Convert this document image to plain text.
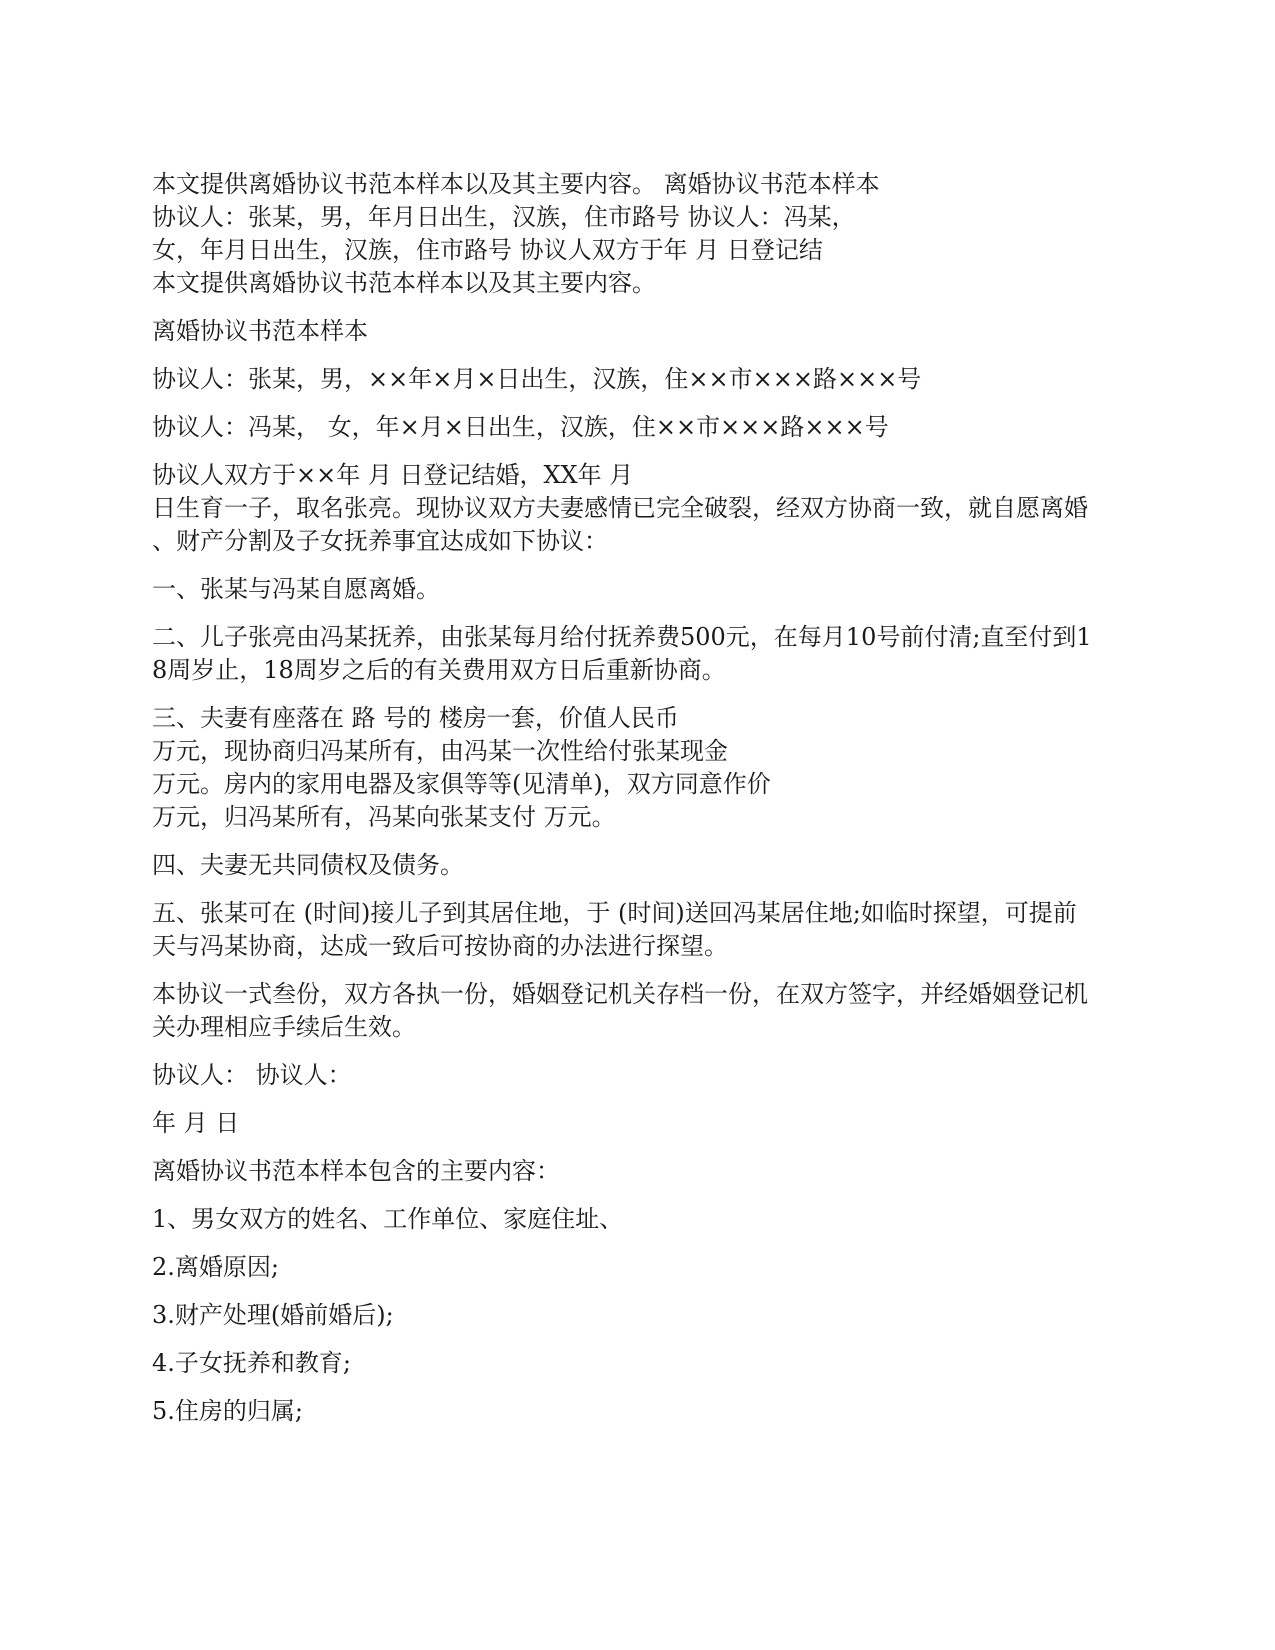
本文提供离婚协议书范本样本以及其主要内容。 离婚协议书范本样本
协议人：张某，男，年月日出生，汉族，住市路号 协议人：冯某，
女，年月日出生，汉族，住市路号 协议人双方于年 月 日登记结
本文提供离婚协议书范本样本以及其主要内容。

离婚协议书范本样本

协议人：张某，男，××年×月×日出生，汉族，住××市×××路×××号

协议人：冯某， 女，年×月×日出生，汉族，住××市×××路×××号

协议人双方于××年 月 日登记结婚，XX年 月
日生育一子，取名张亮。现协议双方夫妻感情已完全破裂，经双方协商一致，就自愿离婚
、财产分割及子女抚养事宜达成如下协议：

一、张某与冯某自愿离婚。

二、儿子张亮由冯某抚养，由张某每月给付抚养费500元，在每月10号前付清;直至付到1
8周岁止，18周岁之后的有关费用双方日后重新协商。

三、夫妻有座落在 路 号的 楼房一套，价值人民币
万元，现协商归冯某所有，由冯某一次性给付张某现金
万元。房内的家用电器及家俱等等(见清单)，双方同意作价
万元，归冯某所有，冯某向张某支付 万元。

四、夫妻无共同债权及债务。

五、张某可在 (时间)接儿子到其居住地，于 (时间)送回冯某居住地;如临时探望，可提前
天与冯某协商，达成一致后可按协商的办法进行探望。

本协议一式叁份，双方各执一份，婚姻登记机关存档一份，在双方签字，并经婚姻登记机
关办理相应手续后生效。

协议人： 协议人：

年 月 日

离婚协议书范本样本包含的主要内容：

1、男女双方的姓名、工作单位、家庭住址、

2.离婚原因;

3.财产处理(婚前婚后);

4.子女抚养和教育;

5.住房的归属;
